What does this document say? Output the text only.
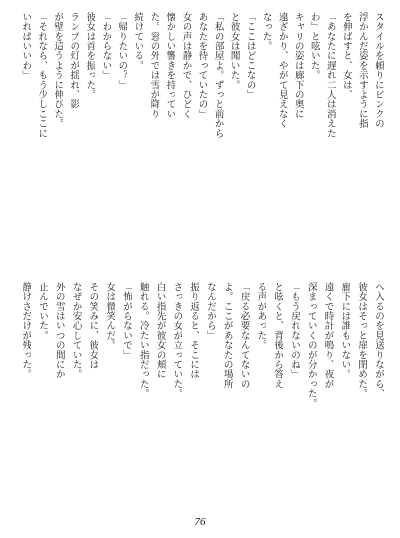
スタイルを頼りにピンクの
浮かんだ姿を示すように指
を伸ばすと、女は、
「あなたに遅れ二人は消えた
わ」と呟いた。
キャリの姿は廊下の奥に
遠ざかり、やがて見えなく
なった。
「ここはどこなの」
と彼女は聞いた。
「私の部屋よ。ずっと前から
あなたを待っていたの」
女の声は静かで、ひどく
懐かしい響きを持ってい
た。窓の外では雪が降り
続けている。
「帰りたいの？」
「わからない」
彼女は首を振った。
ランプの灯が揺れ、影
が壁を這うように伸びた。
「それなら、もう少しここに
いればいいわ」
へ入るのを見送りながら、
彼女はそっと扉を閉めた。
廊下には誰もいない。
遠くで時計が鳴り、夜が
深まっていくのが分かった。
「もう戻れないのね」
と呟くと、背後から答え
る声があった。
「戻る必要なんてないの
よ。ここがあなたの場所
なんだから」
振り返ると、そこには
さっきの女が立っていた。
白い指先が彼女の頬に
触れる。冷たい指だった。
「怖がらないで」
女は微笑んだ。
その笑みに、彼女は
なぜか安心していた。
外の雪はいつの間にか
止んでいた。
静けさだけが残った。
76
